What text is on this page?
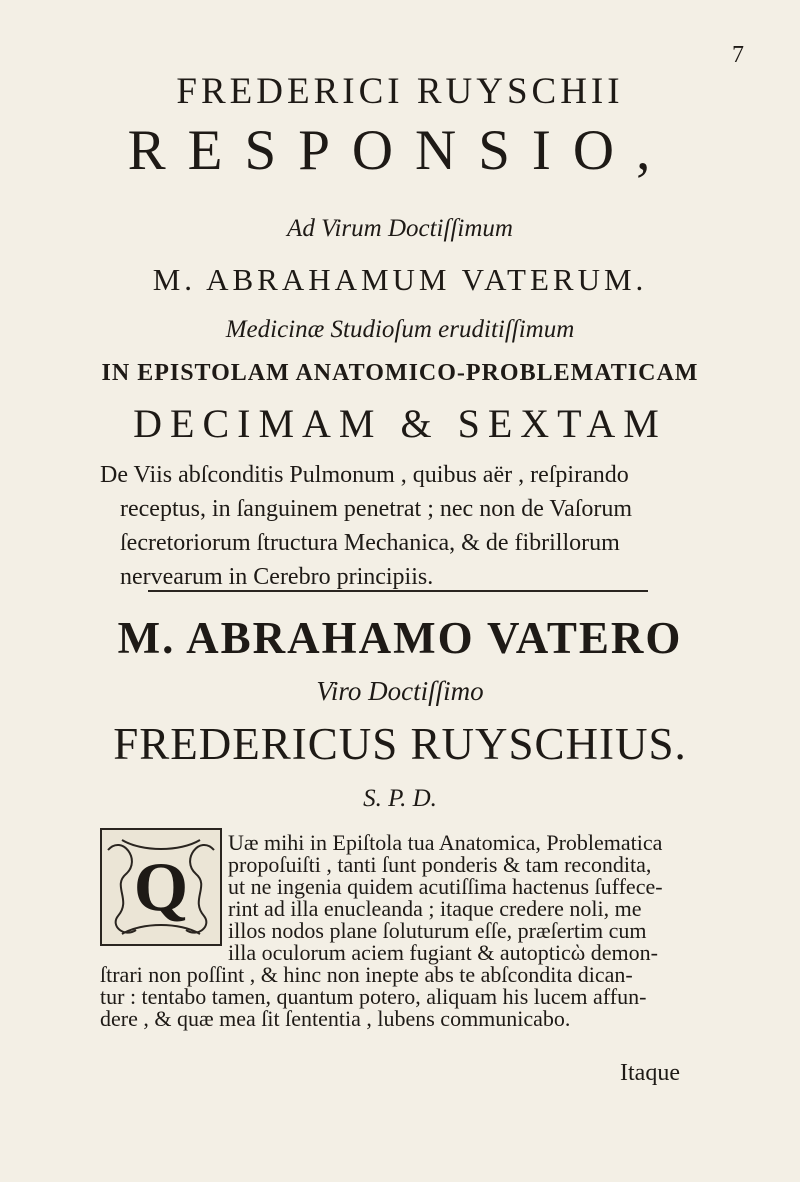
7
FREDERICI RUYSCHII
RESPONSIO,
Ad Virum Doctiſſimum
M. ABRAHAMUM VATERUM.
Medicinæ Studioſum eruditiſſimum
IN EPISTOLAM ANATOMICO-PROBLEMATICAM
DECIMAM & SEXTAM
De Viis abſconditis Pulmonum , quibus aër , reſpirando receptus, in ſanguinem penetrat ; nec non de Vaſorum ſecretoriorum ſtructura Mechanica, & de fibrillorum nervearum in Cerebro principiis.
M. ABRAHAMO VATERO
Viro Doctiſſimo
FREDERICUS RUYSCHIUS.
S. P. D.
Q
Uæ mihi in Epiſtola tua Anatomica, Problematica
propoſuiſti , tanti ſunt ponderis & tam recondita,
ut ne ingenia quidem acutiſſima hactenus ſuffece-
rint ad illa enucleanda ; itaque credere noli, me
illos nodos plane ſoluturum eſſe, præſertim cum
illa oculorum aciem fugiant & autopticὼ demon-
ſtrari non poſſint , & hinc non inepte abs te abſcondita dican-
tur : tentabo tamen, quantum potero, aliquam his lucem affun-
dere , & quæ mea ſit ſententia , lubens communicabo.
Itaque
